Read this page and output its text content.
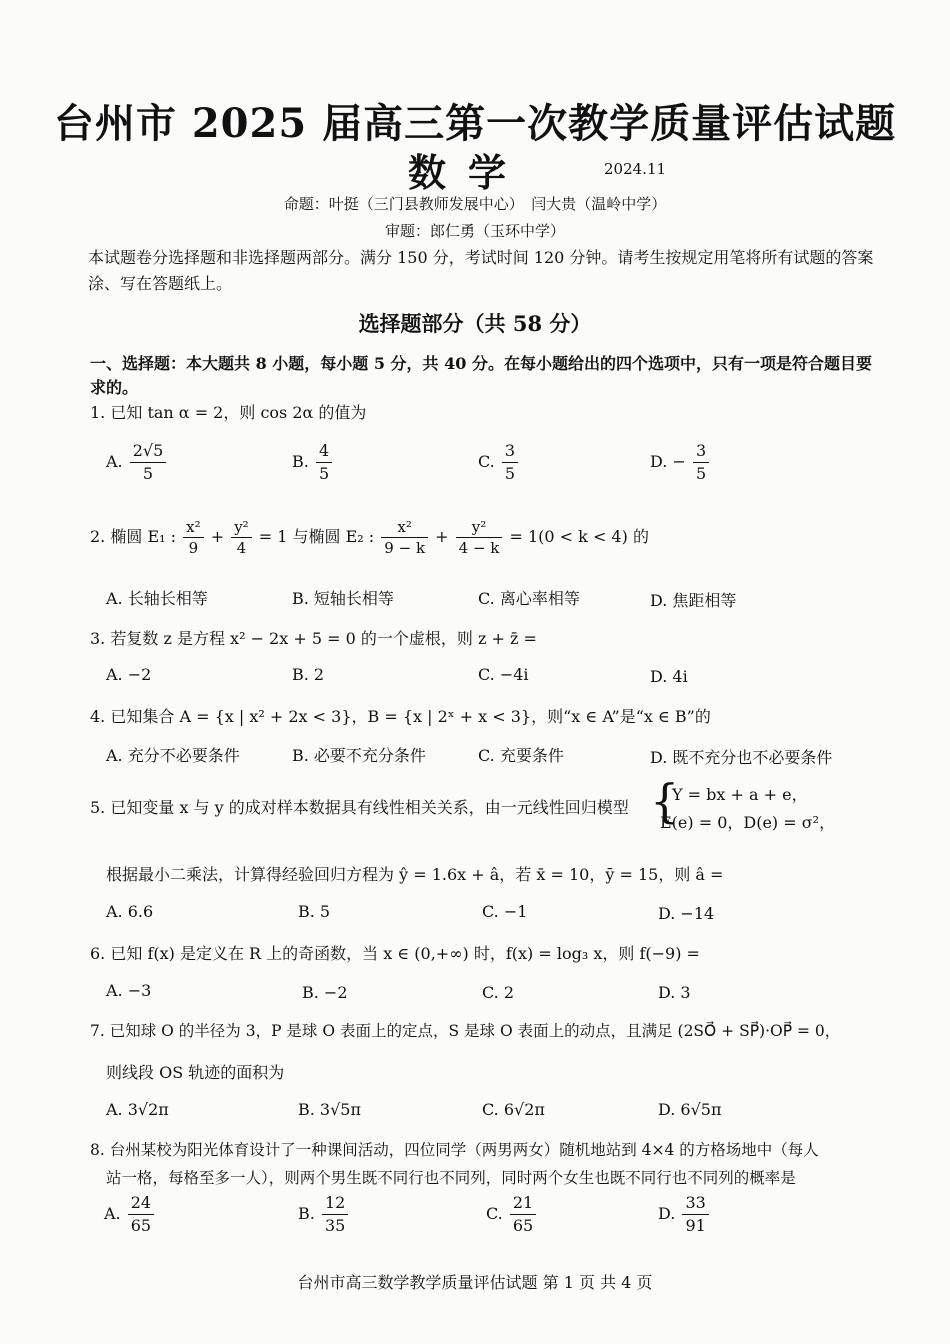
台州市 2025 届高三第一次教学质量评估试题
数学	2024.11
命题：叶挺（三门县教师发展中心）　闫大贵（温岭中学）
审题：郎仁勇（玉环中学）
本试题卷分选择题和非选择题两部分。满分 150 分，考试时间 120 分钟。请考生按规定用笔将所有试题的答案涂、写在答题纸上。
选择题部分（共 58 分）
一、选择题：本大题共 8 小题，每小题 5 分，共 40 分。在每小题给出的四个选项中，只有一项是符合题目要求的。
1. 已知 tan α = 2，则 cos 2α 的值为
A. $\frac{2√5}{5}$	B. $\frac{4}{5}$	C. $\frac{3}{5}$	D. − $\frac{3}{5}$
2. 椭圆 E₁ : $\frac{\text{x²}}{9} + \frac{\text{y²}}{4} = 1$ 与椭圆 E₂ : $\frac{\text{x²}}{9 - k} + \frac{\text{y²}}{4 - k} = 1(0 < k < 4)$ 的
A. 长轴长相等	B. 短轴长相等	C. 离心率相等	D. 焦距相等
3. 若复数 z 是方程 x² − 2x + 5 = 0 的一个虚根，则 z + z̄ =
A. −2	B. 2	C. −4i	D. 4i
4. 已知集合 A = {x | x² + 2x < 3}，B = {x | 2ˣ + x < 3}，则“x ∈ A”是“x ∈ B”的
A. 充分不必要条件	B. 必要不充分条件	C. 充要条件	D. 既不充分也不必要条件
5. 已知变量 x 与 y 的成对样本数据具有线性相关关系，由一元线性回归模型 {
Y = bx + a + e，
E(e) = 0，D(e) = σ²，
根据最小二乘法，计算得经验回归方程为 ŷ = 1.6x + â，若 x̄ = 10，ȳ = 15，则 â =
A. 6.6	B. 5	C. −1	D. −14
6. 已知 f(x) 是定义在 R 上的奇函数，当 x ∈ (0,+∞) 时，f(x) = log₃ x，则 f(−9) =
A. −3	B. −2	C. 2	D. 3
7. 已知球 O 的半径为 3，P 是球 O 表面上的定点，S 是球 O 表面上的动点，且满足 (2SO⃗ + SP⃗)·OP⃗ = 0，
则线段 OS 轨迹的面积为
A. 3√2π	B. 3√5π	C. 6√2π	D. 6√5π
8. 台州某校为阳光体育设计了一种课间活动，四位同学（两男两女）随机地站到 4×4 的方格场地中（每人
站一格，每格至多一人），则两个男生既不同行也不同列，同时两个女生也既不同行也不同列的概率是
A. $\frac{24}{65}$	B. $\frac{12}{35}$	C. $\frac{21}{65}$	D. $\frac{33}{91}$
台州市高三数学教学质量评估试题 第 1 页 共 4 页
